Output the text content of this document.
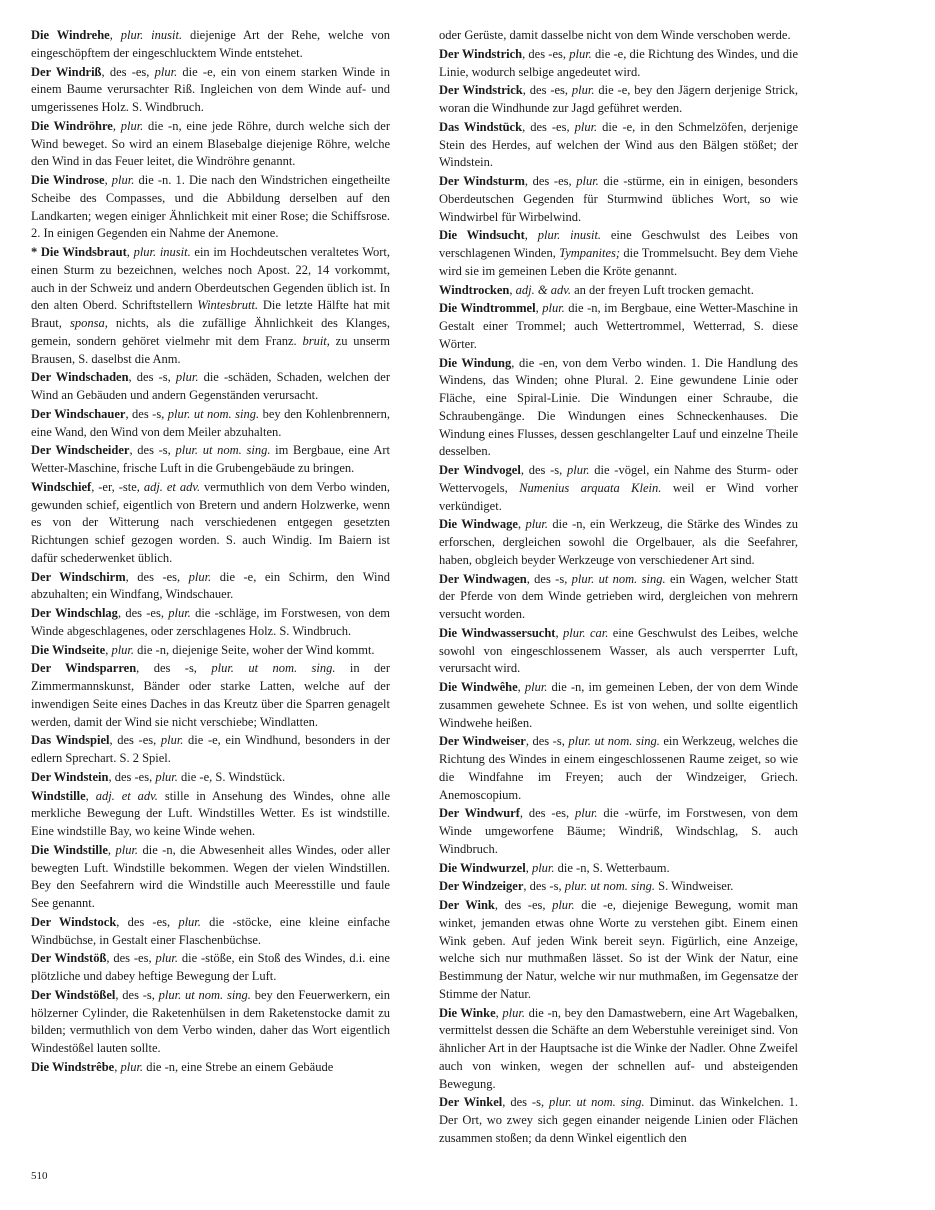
Die Windrehe, plur. inusit. diejenige Art der Rehe, welche von eingeschöpftem der eingeschlucktem Winde entstehet.

Der Windriß, des -es, plur. die -e, ein von einem starken Winde in einem Baume verursachter Riß. Ingleichen von dem Winde auf- und umgerissenes Holz. S. Windbruch.

Die Windröhre, plur. die -n, eine jede Röhre, durch welche sich der Wind beweget. So wird an einem Blasebalge diejenige Röhre, welche den Wind in das Feuer leitet, die Windröhre genannt.

Die Windrose, plur. die -n. 1. Die nach den Windstrichen eingetheilte Scheibe des Compasses, und die Abbildung derselben auf den Landkarten; wegen einiger Ähnlichkeit mit einer Rose; die Schiffsrose. 2. In einigen Gegenden ein Nahme der Anemone.

* Die Windsbraut, plur. inusit. ein im Hochdeutschen veraltetes Wort, einen Sturm zu bezeichnen, welches noch Apost. 22, 14 vorkommt, auch in der Schweiz und andern Oberdeutschen Gegenden üblich ist. In den alten Oberd. Schriftstellern Wintesbrutt. Die letzte Hälfte hat mit Braut, sponsa, nichts, als die zufällige Ähnlichkeit des Klanges, gemein, sondern gehöret vielmehr mit dem Franz. bruit, zu unserm Brausen, S. daselbst die Anm.

Der Windschaden, des -s, plur. die -schäden, Schaden, welchen der Wind an Gebäuden und andern Gegenständen verursacht.

Der Windschauer, des -s, plur. ut nom. sing. bey den Kohlenbrennern, eine Wand, den Wind von dem Meiler abzuhalten.

Der Windscheider, des -s, plur. ut nom. sing. im Bergbaue, eine Art Wetter-Maschine, frische Luft in die Grubengebäude zu bringen.

Windschief, -er, -ste, adj. et adv. vermuthlich von dem Verbo winden, gewunden schief, eigentlich von Bretern und andern Holzwerke, wenn es von der Witterung nach verschiedenen entgegen gesetzten Richtungen schief gezogen worden. S. auch Windig. Im Baiern ist dafür schederwenket üblich.

Der Windschirm, des -es, plur. die -e, ein Schirm, den Wind abzuhalten; ein Windfang, Windschauer.

Der Windschlag, des -es, plur. die -schläge, im Forstwesen, von dem Winde abgeschlagenes, oder zerschlagenes Holz. S. Windbruch.

Die Windseite, plur. die -n, diejenige Seite, woher der Wind kommt.

Der Windsparren, des -s, plur. ut nom. sing. in der Zimmermannskunst, Bänder oder starke Latten, welche auf der inwendigen Seite eines Daches in das Kreutz über die Sparren genagelt werden, damit der Wind sie nicht verschiebe; Windlatten.

Das Windspiel, des -es, plur. die -e, ein Windhund, besonders in der edlern Sprechart. S. 2 Spiel.

Der Windstein, des -es, plur. die -e, S. Windstück.

Windstille, adj. et adv. stille in Ansehung des Windes, ohne alle merkliche Bewegung der Luft. Windstilles Wetter. Es ist windstille. Eine windstille Bay, wo keine Winde wehen.

Die Windstille, plur. die -n, die Abwesenheit alles Windes, oder aller bewegten Luft. Windstille bekommen. Wegen der vielen Windstillen. Bey den Seefahrern wird die Windstille auch Meeresstille und faule See genannt.

Der Windstock, des -es, plur. die -stöcke, eine kleine einfache Windbüchse, in Gestalt einer Flaschenbüchse.

Der Windstöß, des -es, plur. die -stöße, ein Stoß des Windes, d.i. eine plötzliche und dabey heftige Bewegung der Luft.

Der Windstößel, des -s, plur. ut nom. sing. bey den Feuerwerkern, ein hölzerner Cylinder, die Raketenhülsen in dem Raketenstocke damit zu bilden; vermuthlich von dem Verbo winden, daher das Wort eigentlich Windestößel lauten sollte.

Die Windstrêbe, plur. die -n, eine Strebe an einem Gebäude

oder Gerüste, damit dasselbe nicht von dem Winde verschoben werde.

Der Windstrich, des -es, plur. die -e, die Richtung des Windes, und die Linie, wodurch selbige angedeutet wird.

Der Windstrick, des -es, plur. die -e, bey den Jägern derjenige Strick, woran die Windhunde zur Jagd geführet werden.

Das Windstück, des -es, plur. die -e, in den Schmelzöfen, derjenige Stein des Herdes, auf welchen der Wind aus den Bälgen stößet; der Windstein.

Der Windsturm, des -es, plur. die -stürme, ein in einigen, besonders Oberdeutschen Gegenden für Sturmwind übliches Wort, so wie Windwirbel für Wirbelwind.

Die Windsucht, plur. inusit. eine Geschwulst des Leibes von verschlagenen Winden, Tympanites; die Trommelsucht. Bey dem Viehe wird sie im gemeinen Leben die Kröte genannt.

Windtrocken, adj. & adv. an der freyen Luft trocken gemacht.

Die Windtrommel, plur. die -n, im Bergbaue, eine Wetter-Maschine in Gestalt einer Trommel; auch Wettertrommel, Wetterrad, S. diese Wörter.

Die Windung, die -en, von dem Verbo winden. 1. Die Handlung des Windens, das Winden; ohne Plural. 2. Eine gewundene Linie oder Fläche, eine Spiral-Linie. Die Windungen einer Schraube, die Schraubengänge. Die Windungen eines Schneckenhauses. Die Windung eines Flusses, dessen geschlangelter Lauf und einzelne Theile desselben.

Der Windvogel, des -s, plur. die -vögel, ein Nahme des Sturm- oder Wettervogels, Numenius arquata Klein. weil er Wind vorher verkündiget.

Die Windwage, plur. die -n, ein Werkzeug, die Stärke des Windes zu erforschen, dergleichen sowohl die Orgelbauer, als die Seefahrer, haben, obgleich beyder Werkzeuge von verschiedener Art sind.

Der Windwagen, des -s, plur. ut nom. sing. ein Wagen, welcher Statt der Pferde von dem Winde getrieben wird, dergleichen von mehrern versucht worden.

Die Windwassersucht, plur. car. eine Geschwulst des Leibes, welche sowohl von eingeschlossenem Wasser, als auch versperrter Luft, verursacht wird.

Die Windwêhe, plur. die -n, im gemeinen Leben, der von dem Winde zusammen gewehete Schnee. Es ist von wehen, und sollte eigentlich Windwehe heißen.

Der Windweiser, des -s, plur. ut nom. sing. ein Werkzeug, welches die Richtung des Windes in einem eingeschlossenen Raume zeiget, so wie die Windfahne im Freyen; auch der Windzeiger, Griech. Anemoscopium.

Der Windwurf, des -es, plur. die -würfe, im Forstwesen, von dem Winde umgeworfene Bäume; Windriß, Windschlag, S. auch Windbruch.

Die Windwurzel, plur. die -n, S. Wetterbaum.

Der Windzeiger, des -s, plur. ut nom. sing. S. Windweiser.

Der Wink, des -es, plur. die -e, diejenige Bewegung, womit man winket, jemanden etwas ohne Worte zu verstehen gibt. Einem einen Wink geben. Auf jeden Wink bereit seyn. Figürlich, eine Anzeige, welche sich nur muthmaßen lässet. So ist der Wink der Natur, eine Bestimmung der Natur, welche wir nur muthmaßen, im Gegensatze der Stimme der Natur.

Die Winke, plur. die -n, bey den Damastwebern, eine Art Wagebalken, vermittelst dessen die Schäfte an dem Weberstuhle vereiniget sind. Von ähnlicher Art in der Hauptsache ist die Winke der Nadler. Ohne Zweifel auch von winken, wegen der schnellen auf- und absteigenden Bewegung.

Der Winkel, des -s, plur. ut nom. sing. Diminut. das Winkelchen. 1. Der Ort, wo zwey sich gegen einander neigende Linien oder Flächen zusammen stoßen; da denn Winkel eigentlich den

510
